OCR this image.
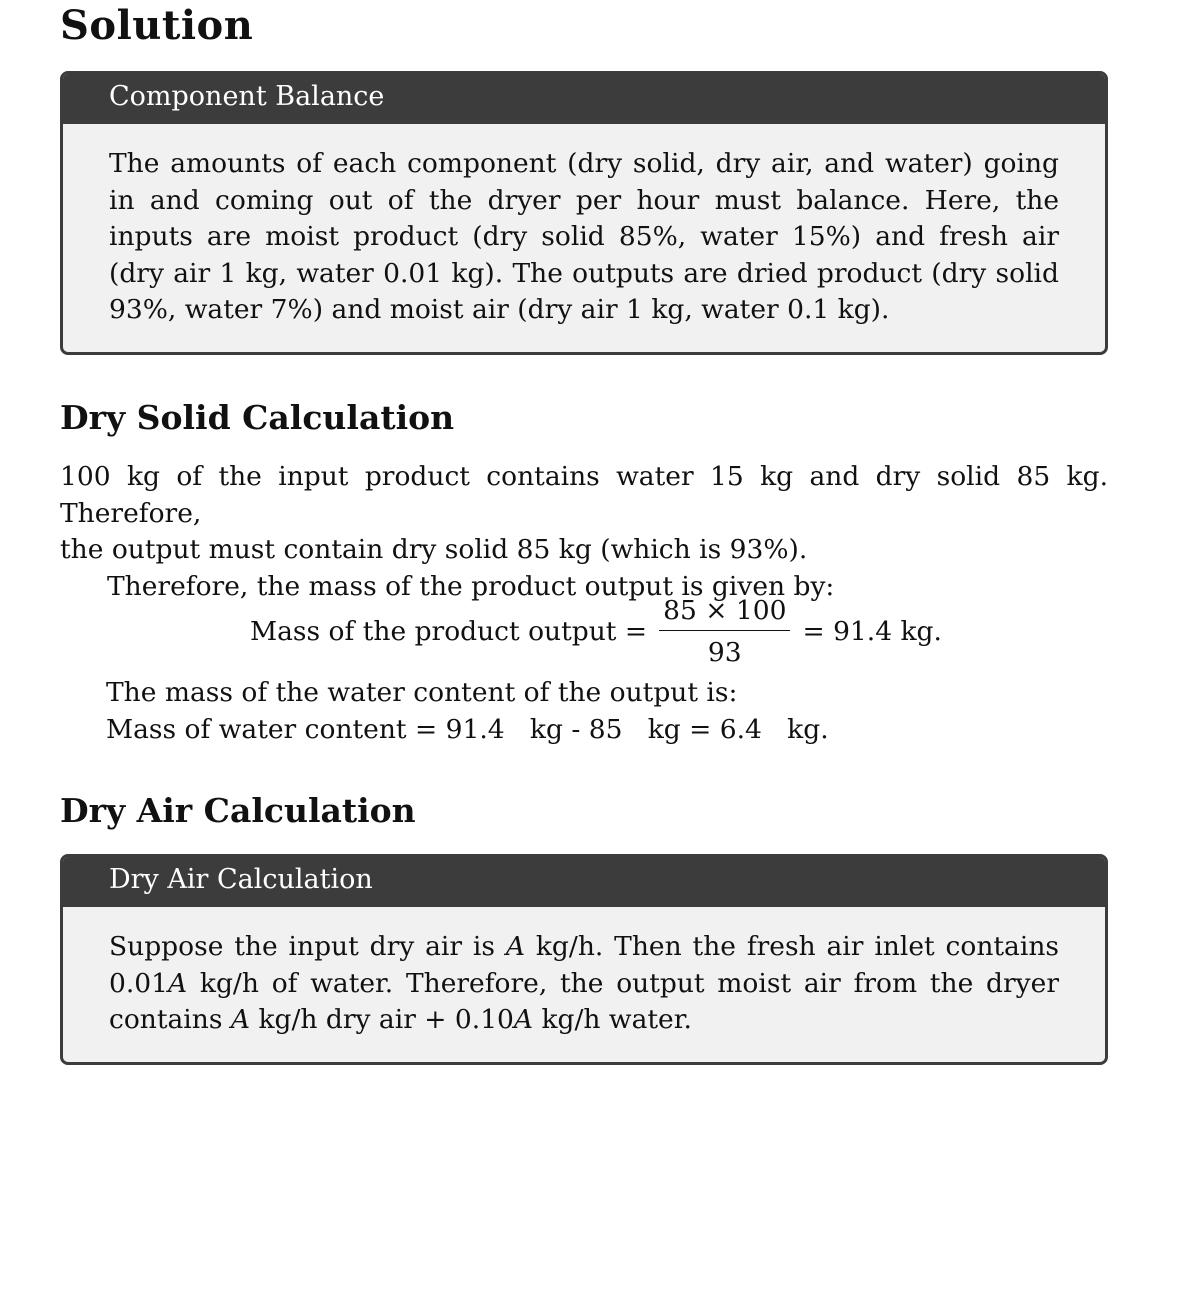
Solution
Component Balance
The amounts of each component (dry solid, dry air, and water) going in and coming out of the dryer per hour must balance. Here, the inputs are moist product (dry solid 85%, water 15%) and fresh air (dry air 1 kg, water 0.01 kg). The outputs are dried product (dry solid 93%, water 7%) and moist air (dry air 1 kg, water 0.1 kg).
Dry Solid Calculation
100 kg of the input product contains water 15 kg and dry solid 85 kg. Therefore,
the output must contain dry solid 85 kg (which is 93%).
Therefore, the mass of the product output is given by:
Mass of the product output = $\frac{85 \times 100}{93} = 91.4$ kg.
The mass of the water content of the output is:
Mass of water content = 91.4   kg - 85   kg = 6.4   kg.
Dry Air Calculation
Dry Air Calculation
Suppose the input dry air is A kg/h. Then the fresh air inlet contains 0.01A kg/h of water. Therefore, the output moist air from the dryer contains A kg/h dry air + 0.10A kg/h water.
